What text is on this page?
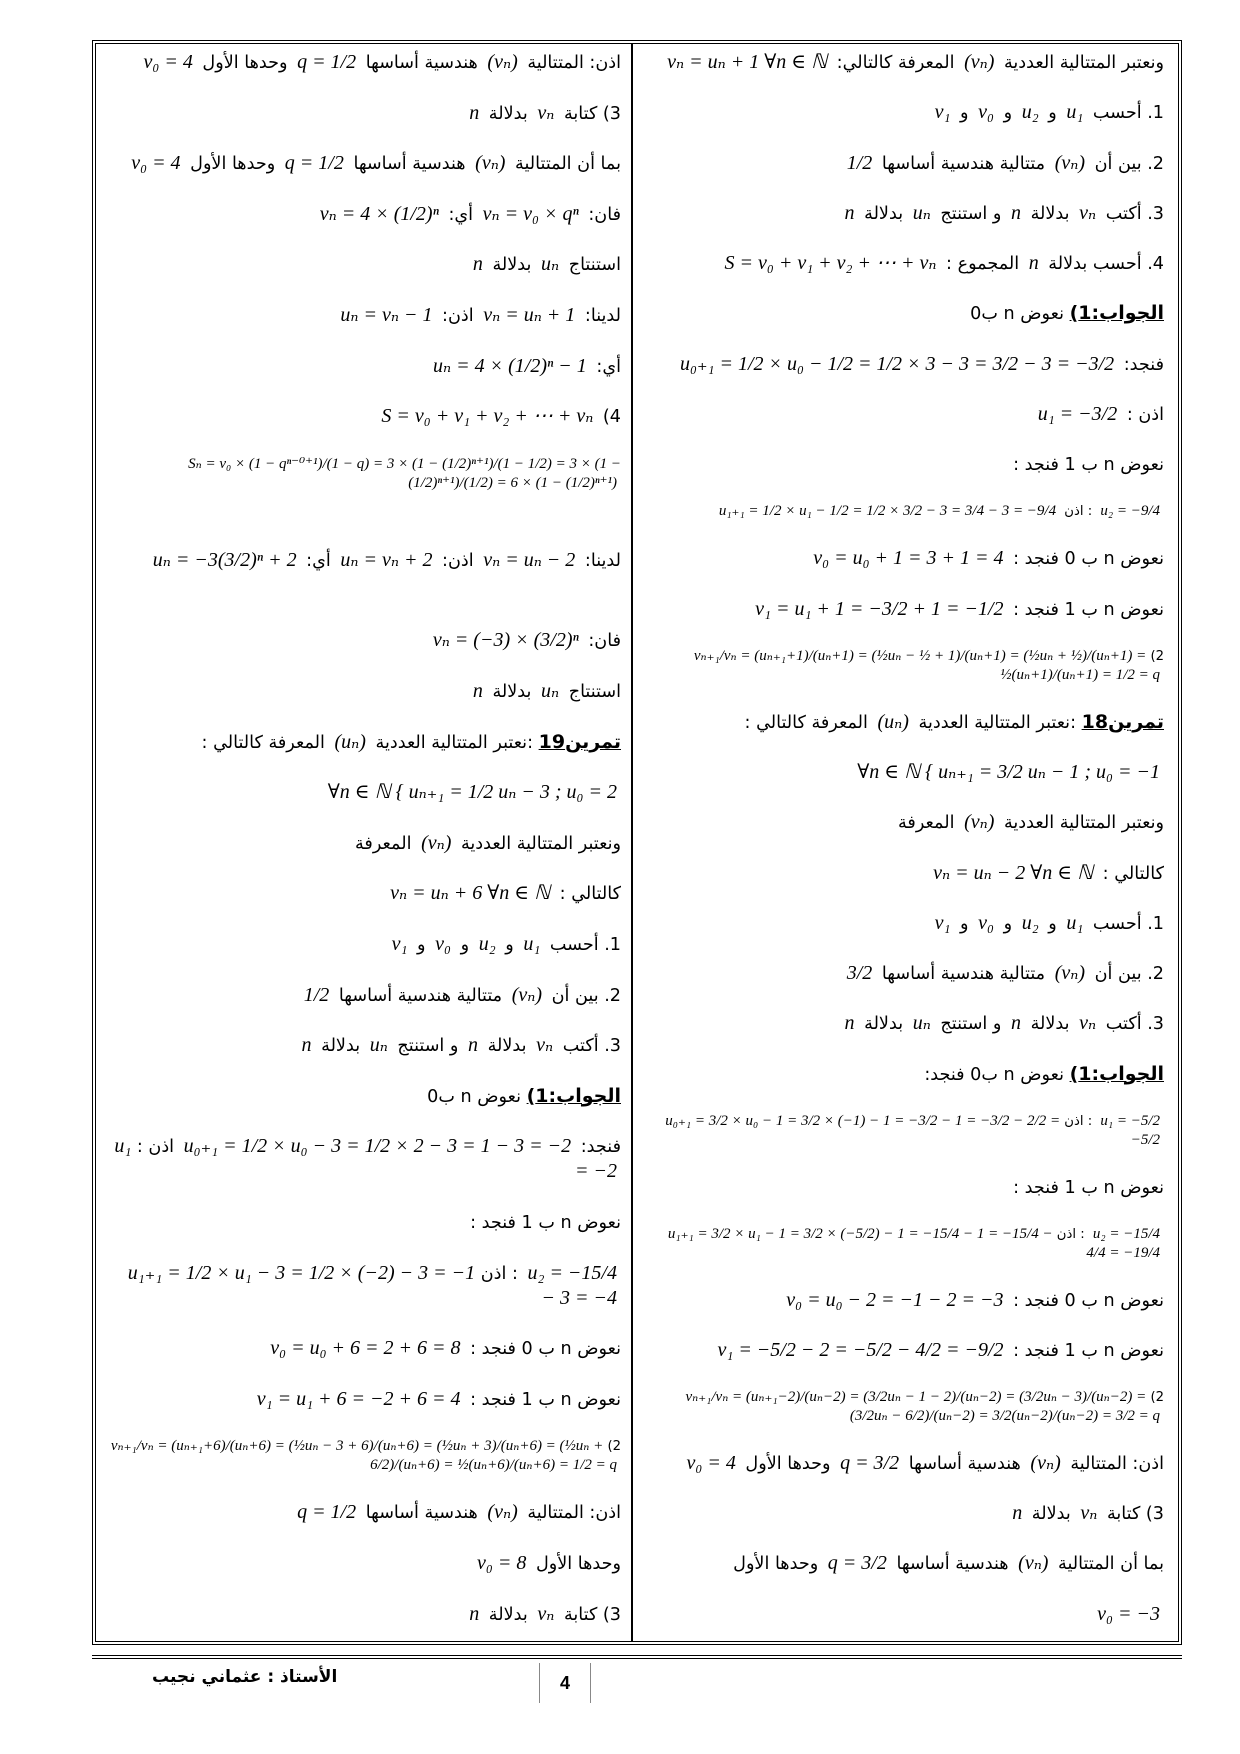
ونعتبر المتتالية العددية (vₙ) المعرفة كالتالي: vₙ = uₙ + 1 ∀n ∈ ℕ
1. أحسب u₁ و u₂ و v₀ و v₁
2. بين أن (vₙ) متتالية هندسية أساسها 1/2
3. أكتب vₙ بدلالة n و استنتج uₙ بدلالة n
4. أحسب بدلالة n المجموع : S = v₀ + v₁ + v₂ + ⋯ + vₙ
الجواب:1) نعوض n ب0
فنجد: u₀₊₁ = 1/2 × u₀ − 1/2 = 1/2 × 3 − 3 = 3/2 − 3 = −3/2
اذن : u₁ = −3/2
نعوض n ب 1 فنجد :
u₂ = −9/4 : اذن u₁₊₁ = 1/2 × u₁ − 1/2 = 1/2 × 3/2 − 3 = 3/4 − 3 = −9/4
نعوض n ب 0 فنجد : v₀ = u₀ + 1 = 3 + 1 = 4
نعوض n ب 1 فنجد : v₁ = u₁ + 1 = −3/2 + 1 = −1/2
2) vₙ₊₁/vₙ = (uₙ₊₁+1)/(uₙ+1) = (½uₙ − ½ + 1)/(uₙ+1) = (½uₙ + ½)/(uₙ+1) = ½(uₙ+1)/(uₙ+1) = 1/2 = q
تمرين18 :نعتبر المتتالية العددية (uₙ) المعرفة كالتالي :
∀n ∈ ℕ { uₙ₊₁ = 3/2 uₙ − 1 ; u₀ = −1
ونعتبر المتتالية العددية (vₙ) المعرفة
كالتالي : vₙ = uₙ − 2 ∀n ∈ ℕ
1. أحسب u₁ و u₂ و v₀ و v₁
2. بين أن (vₙ) متتالية هندسية أساسها 3/2
3. أكتب vₙ بدلالة n و استنتج uₙ بدلالة n
الجواب:1) نعوض n ب0 فنجد:
u₁ = −5/2 : اذن u₀₊₁ = 3/2 × u₀ − 1 = 3/2 × (−1) − 1 = −3/2 − 1 = −3/2 − 2/2 = −5/2
نعوض n ب 1 فنجد :
u₂ = −15/4 : اذن u₁₊₁ = 3/2 × u₁ − 1 = 3/2 × (−5/2) − 1 = −15/4 − 1 = −15/4 − 4/4 = −19/4
نعوض n ب 0 فنجد : v₀ = u₀ − 2 = −1 − 2 = −3
نعوض n ب 1 فنجد : v₁ = −5/2 − 2 = −5/2 − 4/2 = −9/2
2) vₙ₊₁/vₙ = (uₙ₊₁−2)/(uₙ−2) = (3/2uₙ − 1 − 2)/(uₙ−2) = (3/2uₙ − 3)/(uₙ−2) = (3/2uₙ − 6/2)/(uₙ−2) = 3/2(uₙ−2)/(uₙ−2) = 3/2 = q
اذن: المتتالية (vₙ) هندسية أساسها q = 3/2 وحدها الأول v₀ = 4
3) كتابة vₙ بدلالة n
بما أن المتتالية (vₙ) هندسية أساسها q = 3/2 وحدها الأول
v₀ = −3
اذن: المتتالية (vₙ) هندسية أساسها q = 1/2 وحدها الأول v₀ = 4
3) كتابة vₙ بدلالة n
بما أن المتتالية (vₙ) هندسية أساسها q = 1/2 وحدها الأول v₀ = 4
فان: vₙ = v₀ × qⁿ أي: vₙ = 4 × (1/2)ⁿ
استنتاج uₙ بدلالة n
لدينا: vₙ = uₙ + 1 اذن: uₙ = vₙ − 1
أي: uₙ = 4 × (1/2)ⁿ − 1
4) S = v₀ + v₁ + v₂ + ⋯ + vₙ
Sₙ = v₀ × (1 − qⁿ⁻⁰⁺¹)/(1 − q) = 3 × (1 − (1/2)ⁿ⁺¹)/(1 − 1/2) = 3 × (1 − (1/2)ⁿ⁺¹)/(1/2) = 6 × (1 − (1/2)ⁿ⁺¹)
لدينا: vₙ = uₙ − 2 اذن: uₙ = vₙ + 2 أي: uₙ = −3(3/2)ⁿ + 2
فان: vₙ = (−3) × (3/2)ⁿ
استنتاج uₙ بدلالة n
تمرين19 :نعتبر المتتالية العددية (uₙ) المعرفة كالتالي :
∀n ∈ ℕ { uₙ₊₁ = 1/2 uₙ − 3 ; u₀ = 2
ونعتبر المتتالية العددية (vₙ) المعرفة
كالتالي : vₙ = uₙ + 6 ∀n ∈ ℕ
1. أحسب u₁ و u₂ و v₀ و v₁
2. بين أن (vₙ) متتالية هندسية أساسها 1/2
3. أكتب vₙ بدلالة n و استنتج uₙ بدلالة n
الجواب:1) نعوض n ب0
فنجد: u₀₊₁ = 1/2 × u₀ − 3 = 1/2 × 2 − 3 = 1 − 3 = −2 اذن : u₁ = −2
نعوض n ب 1 فنجد :
u₂ = −15/4 : اذن u₁₊₁ = 1/2 × u₁ − 3 = 1/2 × (−2) − 3 = −1 − 3 = −4
نعوض n ب 0 فنجد : v₀ = u₀ + 6 = 2 + 6 = 8
نعوض n ب 1 فنجد : v₁ = u₁ + 6 = −2 + 6 = 4
2) vₙ₊₁/vₙ = (uₙ₊₁+6)/(uₙ+6) = (½uₙ − 3 + 6)/(uₙ+6) = (½uₙ + 3)/(uₙ+6) = (½uₙ + 6/2)/(uₙ+6) = ½(uₙ+6)/(uₙ+6) = 1/2 = q
اذن: المتتالية (vₙ) هندسية أساسها q = 1/2
وحدها الأول v₀ = 8
3) كتابة vₙ بدلالة n
الأستاذ : عثماني نجيب	4
